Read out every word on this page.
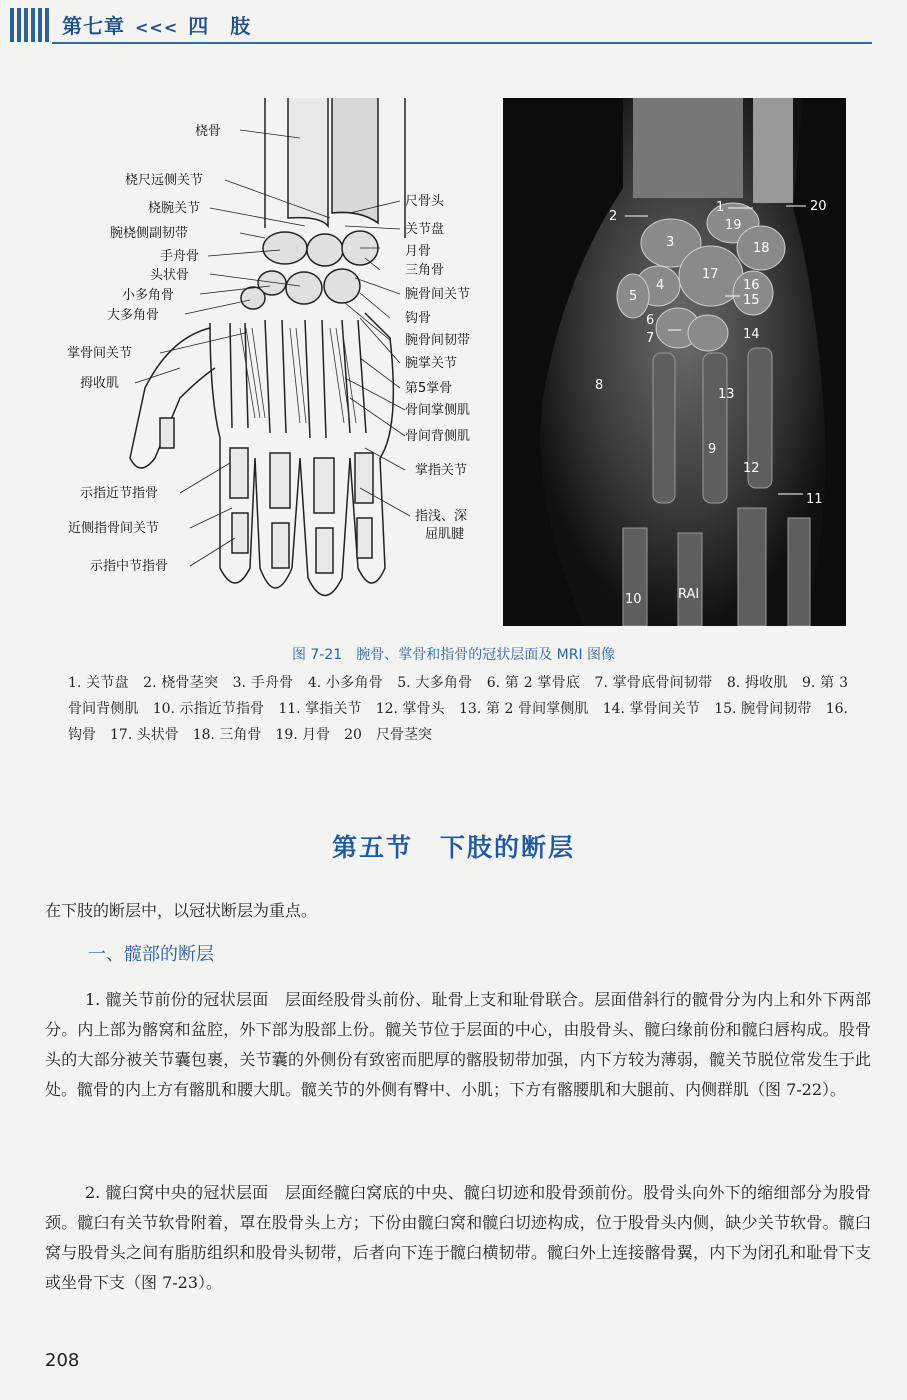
第七章 <<< 四　肢
桡骨
桡尺远侧关节
桡腕关节
腕桡侧副韧带
手舟骨
头状骨
小多角骨
大多角骨
掌骨间关节
拇收肌
示指近节指骨
近侧指骨间关节
示指中节指骨
尺骨头
关节盘
月骨
三角骨
腕骨间关节
钩骨
腕骨间韧带
腕掌关节
第5掌骨
骨间掌侧肌
骨间背侧肌
掌指关节
指浅、深
屈肌腱
1
2
3
4
5
6
7
8
9
10
11
12
13
14
15
16
17
18
19
20
RAI
图 7-21　腕骨、掌骨和指骨的冠状层面及 MRI 图像
1. 关节盘　2. 桡骨茎突　3. 手舟骨　4. 小多角骨　5. 大多角骨　6. 第 2 掌骨底　7. 掌骨底骨间韧带　8. 拇收肌　9. 第 3 骨间背侧肌　10. 示指近节指骨　11. 掌指关节　12. 掌骨头　13. 第 2 骨间掌侧肌　14. 掌骨间关节　15. 腕骨间韧带　16. 钩骨　17. 头状骨　18. 三角骨　19. 月骨　20　尺骨茎突
第五节　下肢的断层
在下肢的断层中，以冠状断层为重点。
一、髋部的断层
1. 髋关节前份的冠状层面　层面经股骨头前份、耻骨上支和耻骨联合。层面借斜行的髋骨分为内上和外下两部分。内上部为髂窝和盆腔，外下部为股部上份。髋关节位于层面的中心，由股骨头、髋臼缘前份和髋臼唇构成。股骨头的大部分被关节囊包裹，关节囊的外侧份有致密而肥厚的髂股韧带加强，内下方较为薄弱，髋关节脱位常发生于此处。髋骨的内上方有髂肌和腰大肌。髋关节的外侧有臀中、小肌；下方有髂腰肌和大腿前、内侧群肌（图 7-22）。
2. 髋臼窝中央的冠状层面　层面经髋臼窝底的中央、髋臼切迹和股骨颈前份。股骨头向外下的缩细部分为股骨颈。髋臼有关节软骨附着，罩在股骨头上方；下份由髋臼窝和髋臼切迹构成，位于股骨头内侧，缺少关节软骨。髋臼窝与股骨头之间有脂肪组织和股骨头韧带，后者向下连于髋臼横韧带。髋臼外上连接髂骨翼，内下为闭孔和耻骨下支或坐骨下支（图 7-23）。
208
